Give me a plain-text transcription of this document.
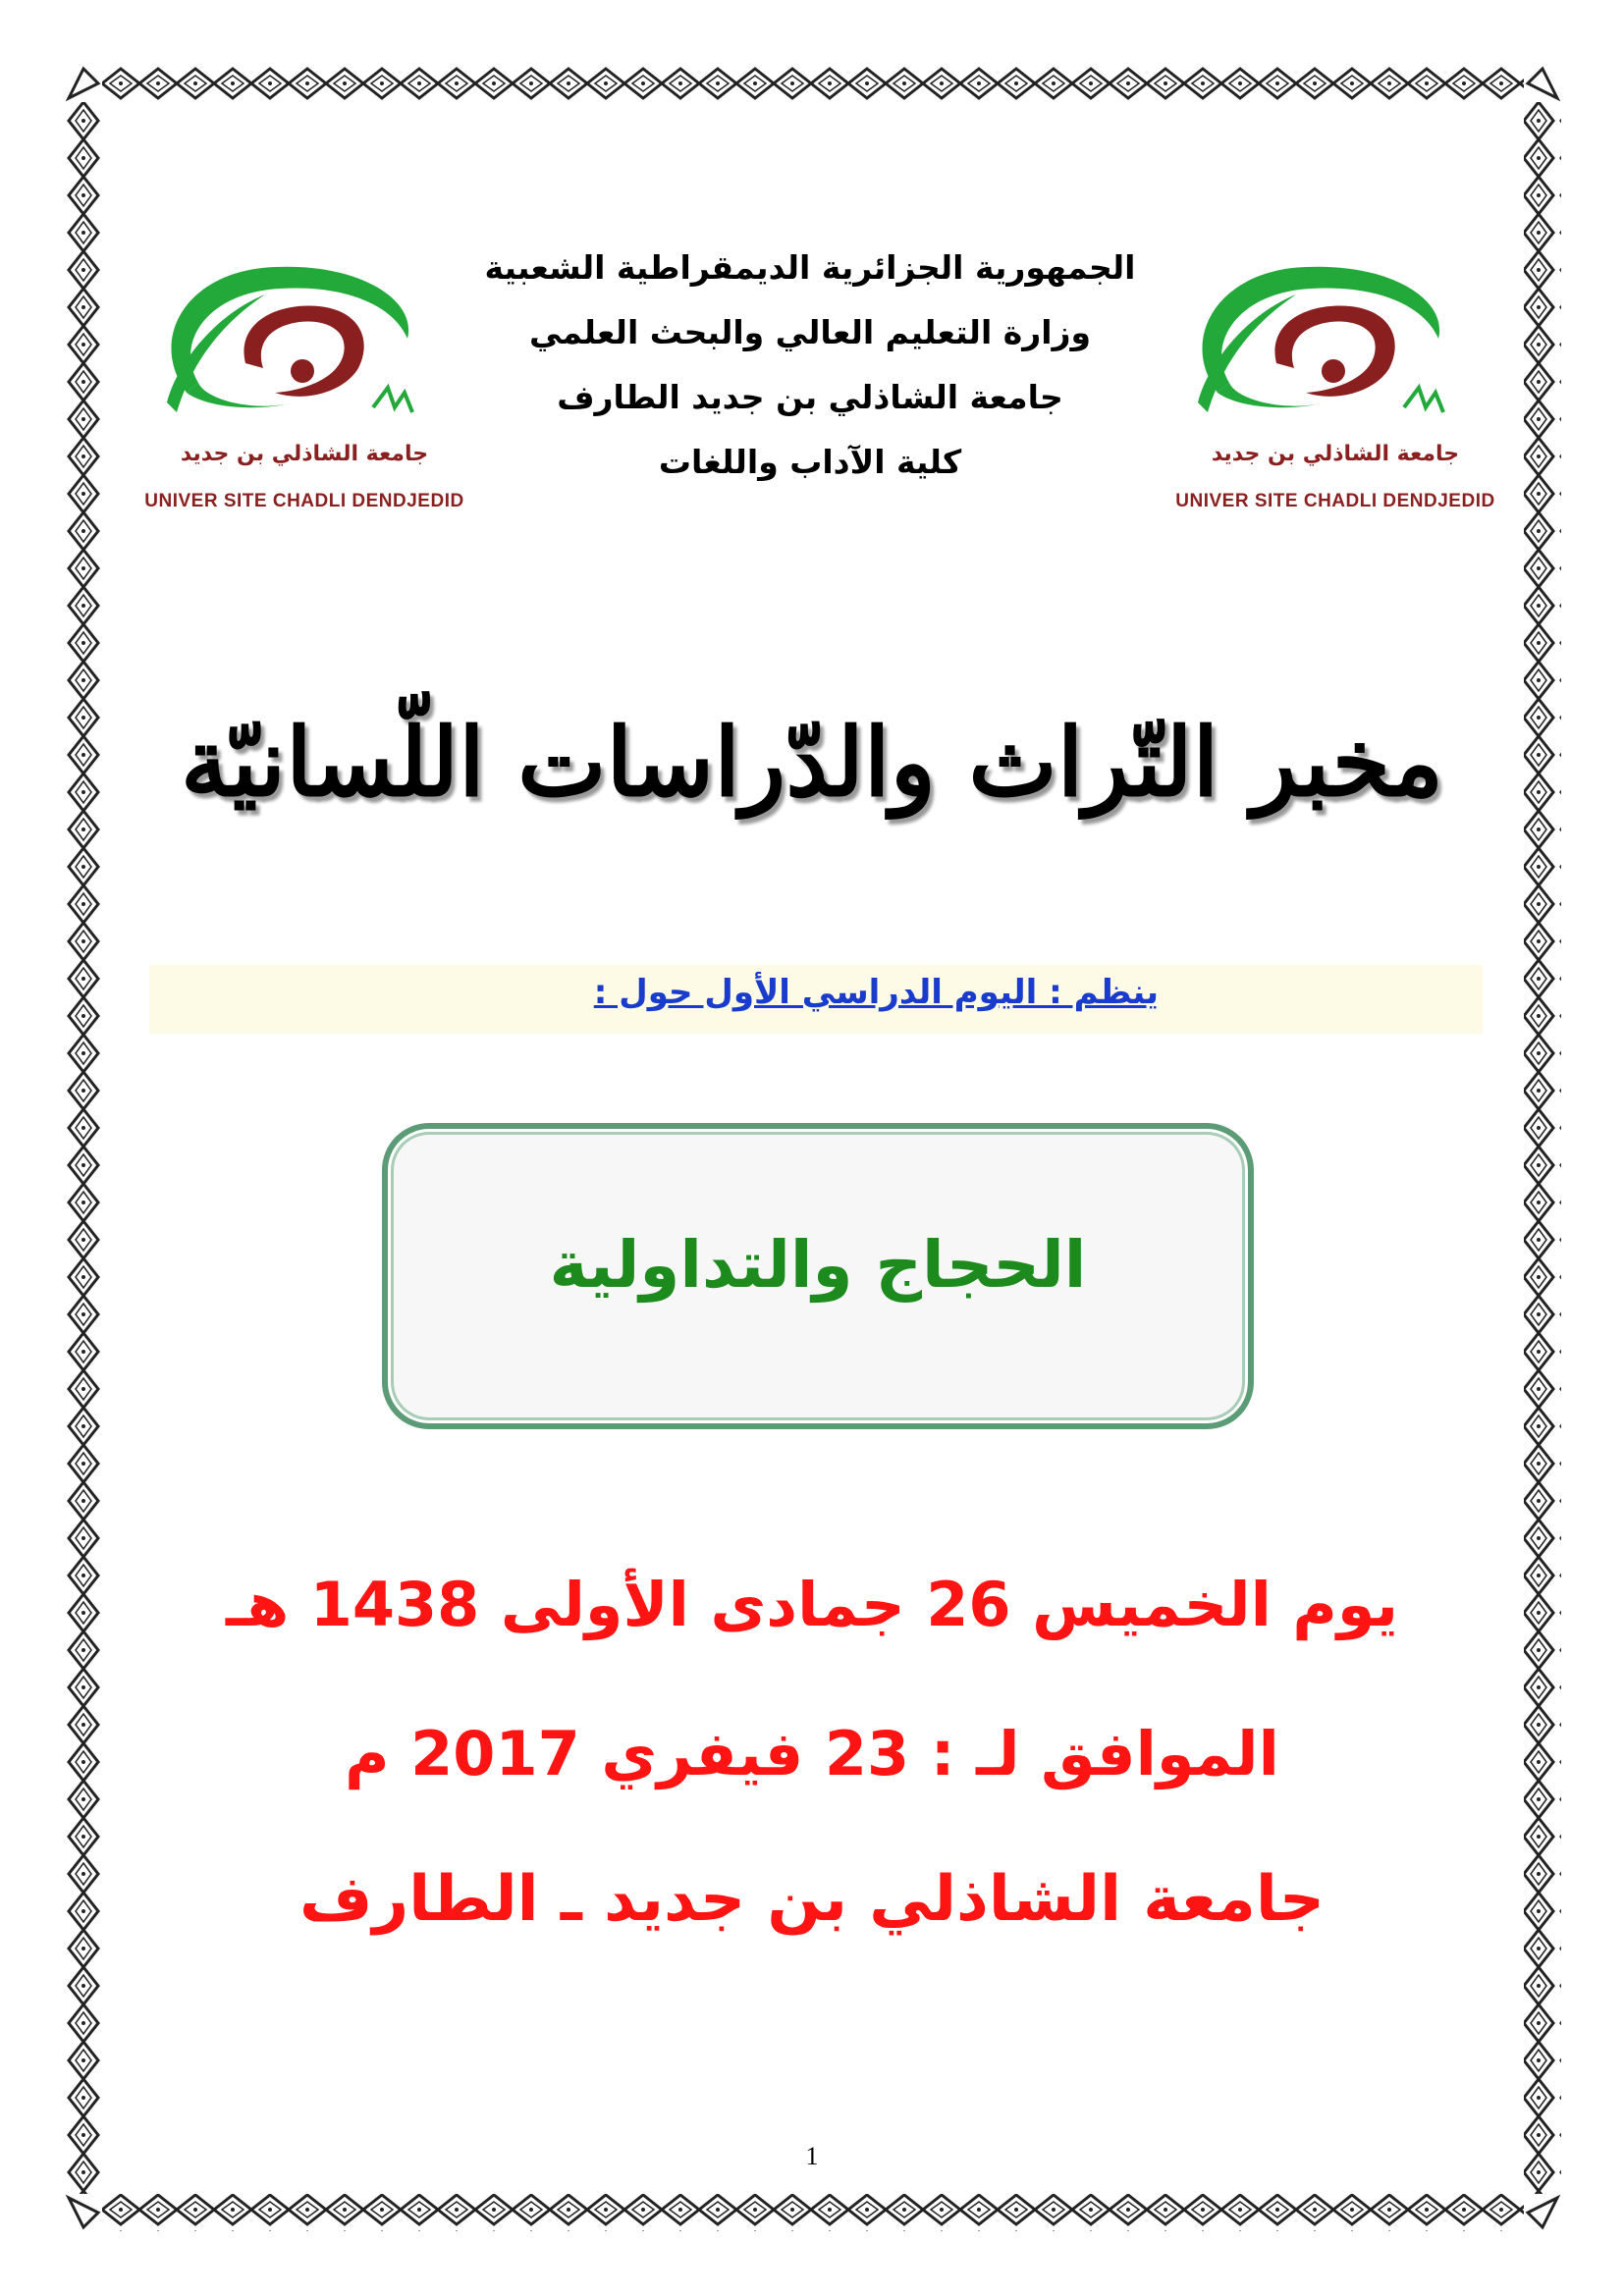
جامعة الشاذلي بن جديد
UNIVER SITE CHADLI DENDJEDID
جامعة الشاذلي بن جديد
UNIVER SITE CHADLI DENDJEDID
الجمهورية الجزائرية الديمقراطية الشعبية
وزارة التعليم العالي والبحث العلمي
جامعة الشاذلي بن جديد الطارف
كلية الآداب واللغات
مخبر التّراث والدّراسات اللّسانيّة
ينظم : اليوم الدراسي الأول حول :
الحجاج والتداولية
يوم الخميس 26 جمادى الأولى 1438 هـ
الموافق لـ : 23 فيفري 2017 م
جامعة الشاذلي بن جديد ـ الطارف
1
